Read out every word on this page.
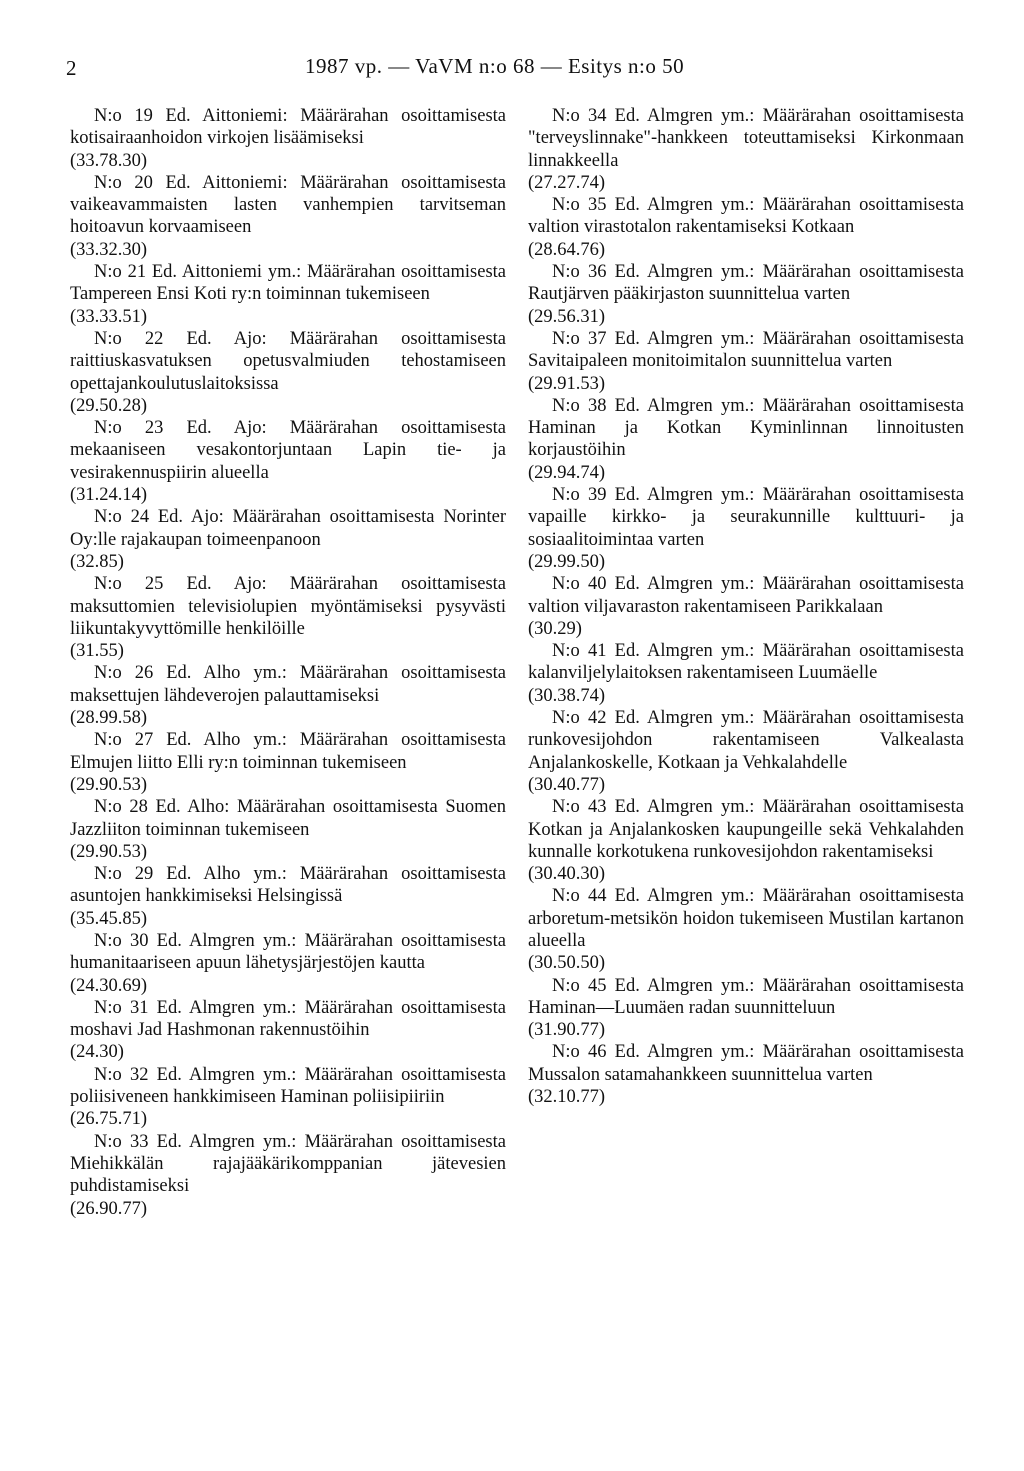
2	1987 vp. — VaVM n:o 68 — Esitys n:o 50

N:o 19 Ed. Aittoniemi: Määrärahan osoittamisesta kotisairaanhoidon virkojen lisäämiseksi

(33.78.30)

N:o 20 Ed. Aittoniemi: Määrärahan osoittamisesta vaikeavammaisten lasten vanhempien tarvitseman hoitoavun korvaamiseen

(33.32.30)

N:o 21 Ed. Aittoniemi ym.: Määrärahan osoittamisesta Tampereen Ensi Koti ry:n toiminnan tukemiseen

(33.33.51)

N:o 22 Ed. Ajo: Määrärahan osoittamisesta raittiuskasvatuksen opetusvalmiuden tehostamiseen opettajankoulutuslaitoksissa

(29.50.28)

N:o 23 Ed. Ajo: Määrärahan osoittamisesta mekaaniseen vesakontorjuntaan Lapin tie- ja vesirakennuspiirin alueella

(31.24.14)

N:o 24 Ed. Ajo: Määrärahan osoittamisesta Norinter Oy:lle rajakaupan toimeenpanoon

(32.85)

N:o 25 Ed. Ajo: Määrärahan osoittamisesta maksuttomien televisiolupien myöntämiseksi pysyvästi liikuntakyvyttömille henkilöille

(31.55)

N:o 26 Ed. Alho ym.: Määrärahan osoittamisesta maksettujen lähdeverojen palauttamiseksi

(28.99.58)

N:o 27 Ed. Alho ym.: Määrärahan osoittamisesta Elmujen liitto Elli ry:n toiminnan tukemiseen

(29.90.53)

N:o 28 Ed. Alho: Määrärahan osoittamisesta Suomen Jazzliiton toiminnan tukemiseen

(29.90.53)

N:o 29 Ed. Alho ym.: Määrärahan osoittamisesta asuntojen hankkimiseksi Helsingissä

(35.45.85)

N:o 30 Ed. Almgren ym.: Määrärahan osoittamisesta humanitaariseen apuun lähetysjärjestöjen kautta

(24.30.69)

N:o 31 Ed. Almgren ym.: Määrärahan osoittamisesta moshavi Jad Hashmonan rakennustöihin

(24.30)

N:o 32 Ed. Almgren ym.: Määrärahan osoittamisesta poliisiveneen hankkimiseen Haminan poliisipiiriin

(26.75.71)

N:o 33 Ed. Almgren ym.: Määrärahan osoittamisesta Miehikkälän rajajääkärikomppanian jätevesien puhdistamiseksi

(26.90.77)

N:o 34 Ed. Almgren ym.: Määrärahan osoittamisesta "terveyslinnake"-hankkeen toteuttamiseksi Kirkonmaan linnakkeella

(27.27.74)

N:o 35 Ed. Almgren ym.: Määrärahan osoittamisesta valtion virastotalon rakentamiseksi Kotkaan

(28.64.76)

N:o 36 Ed. Almgren ym.: Määrärahan osoittamisesta Rautjärven pääkirjaston suunnittelua varten

(29.56.31)

N:o 37 Ed. Almgren ym.: Määrärahan osoittamisesta Savitaipaleen monitoimitalon suunnittelua varten

(29.91.53)

N:o 38 Ed. Almgren ym.: Määrärahan osoittamisesta Haminan ja Kotkan Kyminlinnan linnoitusten korjaustöihin

(29.94.74)

N:o 39 Ed. Almgren ym.: Määrärahan osoittamisesta vapaille kirkko- ja seurakunnille kulttuuri- ja sosiaalitoimintaa varten

(29.99.50)

N:o 40 Ed. Almgren ym.: Määrärahan osoittamisesta valtion viljavaraston rakentamiseen Parikkalaan

(30.29)

N:o 41 Ed. Almgren ym.: Määrärahan osoittamisesta kalanviljelylaitoksen rakentamiseen Luumäelle

(30.38.74)

N:o 42 Ed. Almgren ym.: Määrärahan osoittamisesta runkovesijohdon rakentamiseen Valkealasta Anjalankoskelle, Kotkaan ja Vehkalahdelle

(30.40.77)

N:o 43 Ed. Almgren ym.: Määrärahan osoittamisesta Kotkan ja Anjalankosken kaupungeille sekä Vehkalahden kunnalle korkotukena runkovesijohdon rakentamiseksi

(30.40.30)

N:o 44 Ed. Almgren ym.: Määrärahan osoittamisesta arboretum-metsikön hoidon tukemiseen Mustilan kartanon alueella

(30.50.50)

N:o 45 Ed. Almgren ym.: Määrärahan osoittamisesta Haminan—Luumäen radan suunnitteluun

(31.90.77)

N:o 46 Ed. Almgren ym.: Määrärahan osoittamisesta Mussalon satamahankkeen suunnittelua varten

(32.10.77)
